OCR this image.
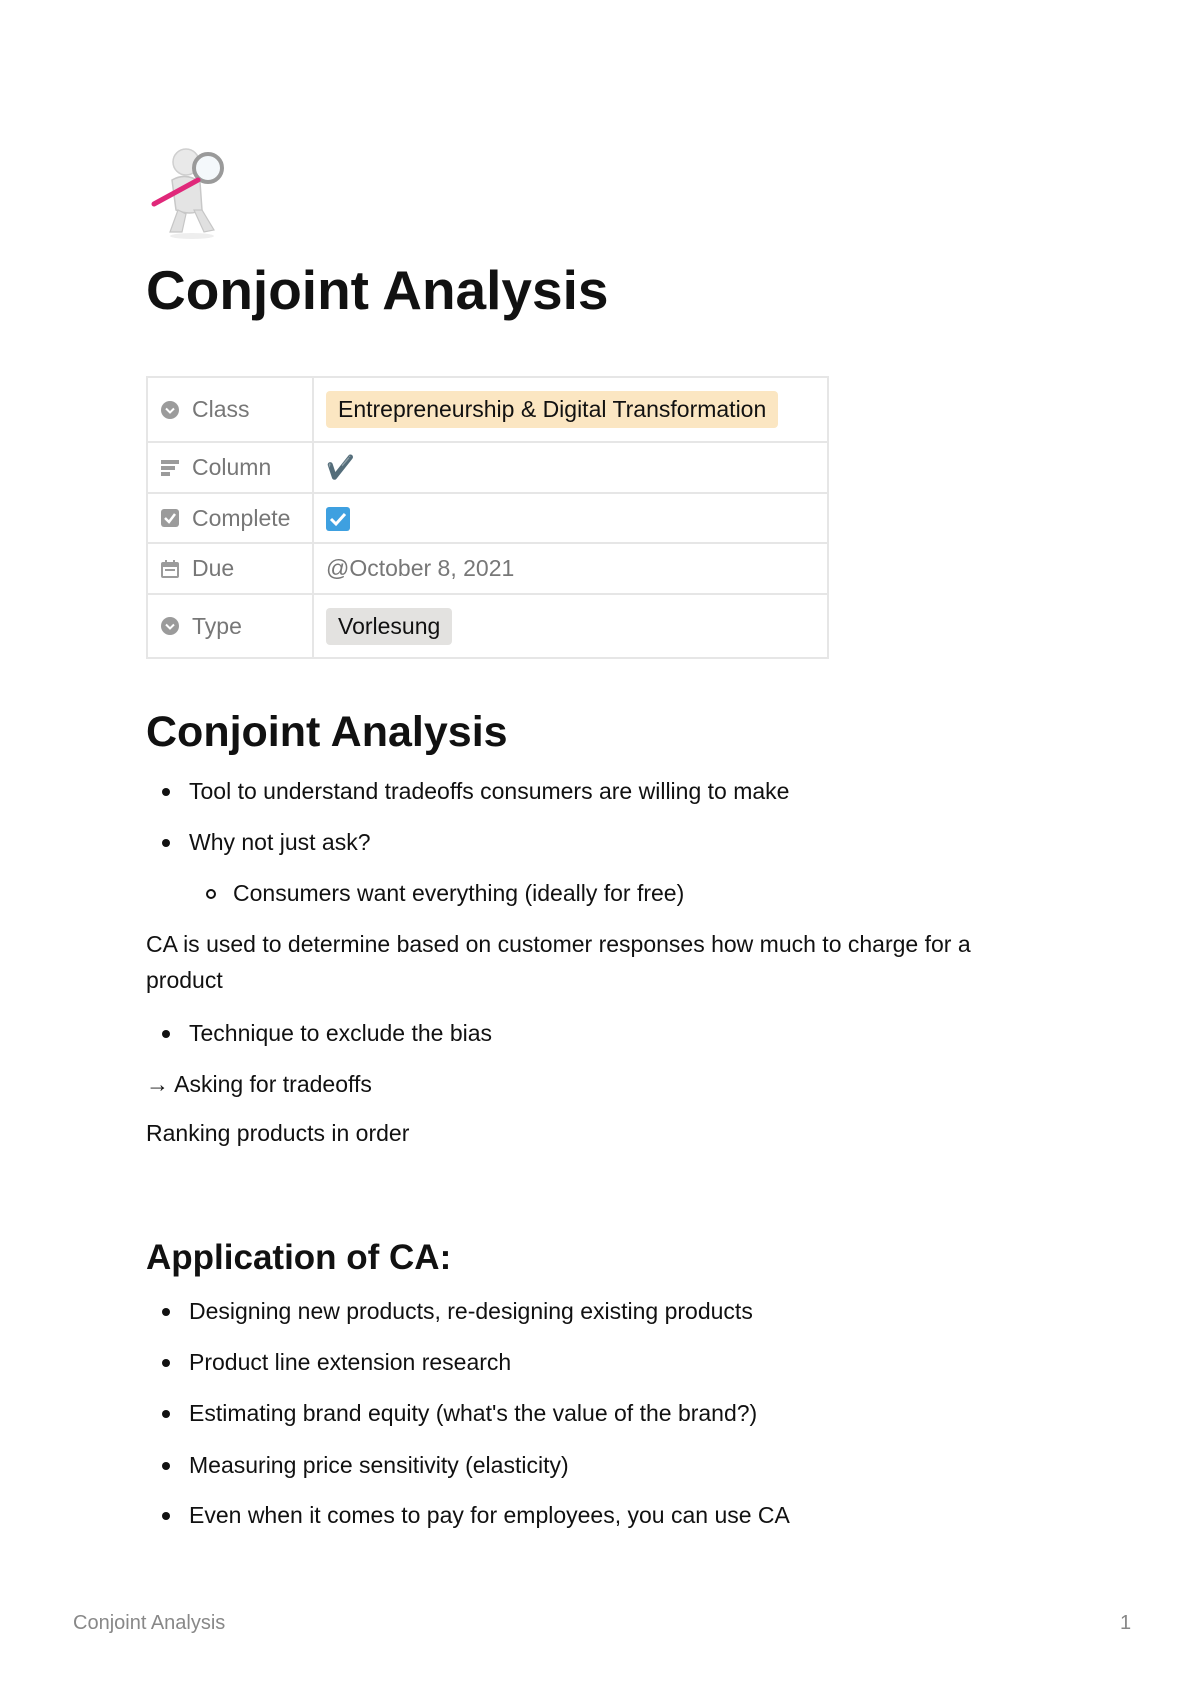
Conjoint Analysis
Class	Entrepreneurship & Digital Transformation

Column	✔️

Complete

Due	@October 8, 2021

Type	Vorlesung
Conjoint Analysis
Tool to understand tradeoffs consumers are willing to make
Why not just ask?
Consumers want everything (ideally for free)

CA is used to determine based on customer responses how much to charge for a

product

Technique to exclude the bias

→ Asking for tradeoffs

Ranking products in order

Application of CA:
Designing new products, re-designing existing products
Product line extension research
Estimating brand equity (what's the value of the brand?)
Measuring price sensitivity (elasticity)
Even when it comes to pay for employees, you can use CA
Conjoint Analysis	1
